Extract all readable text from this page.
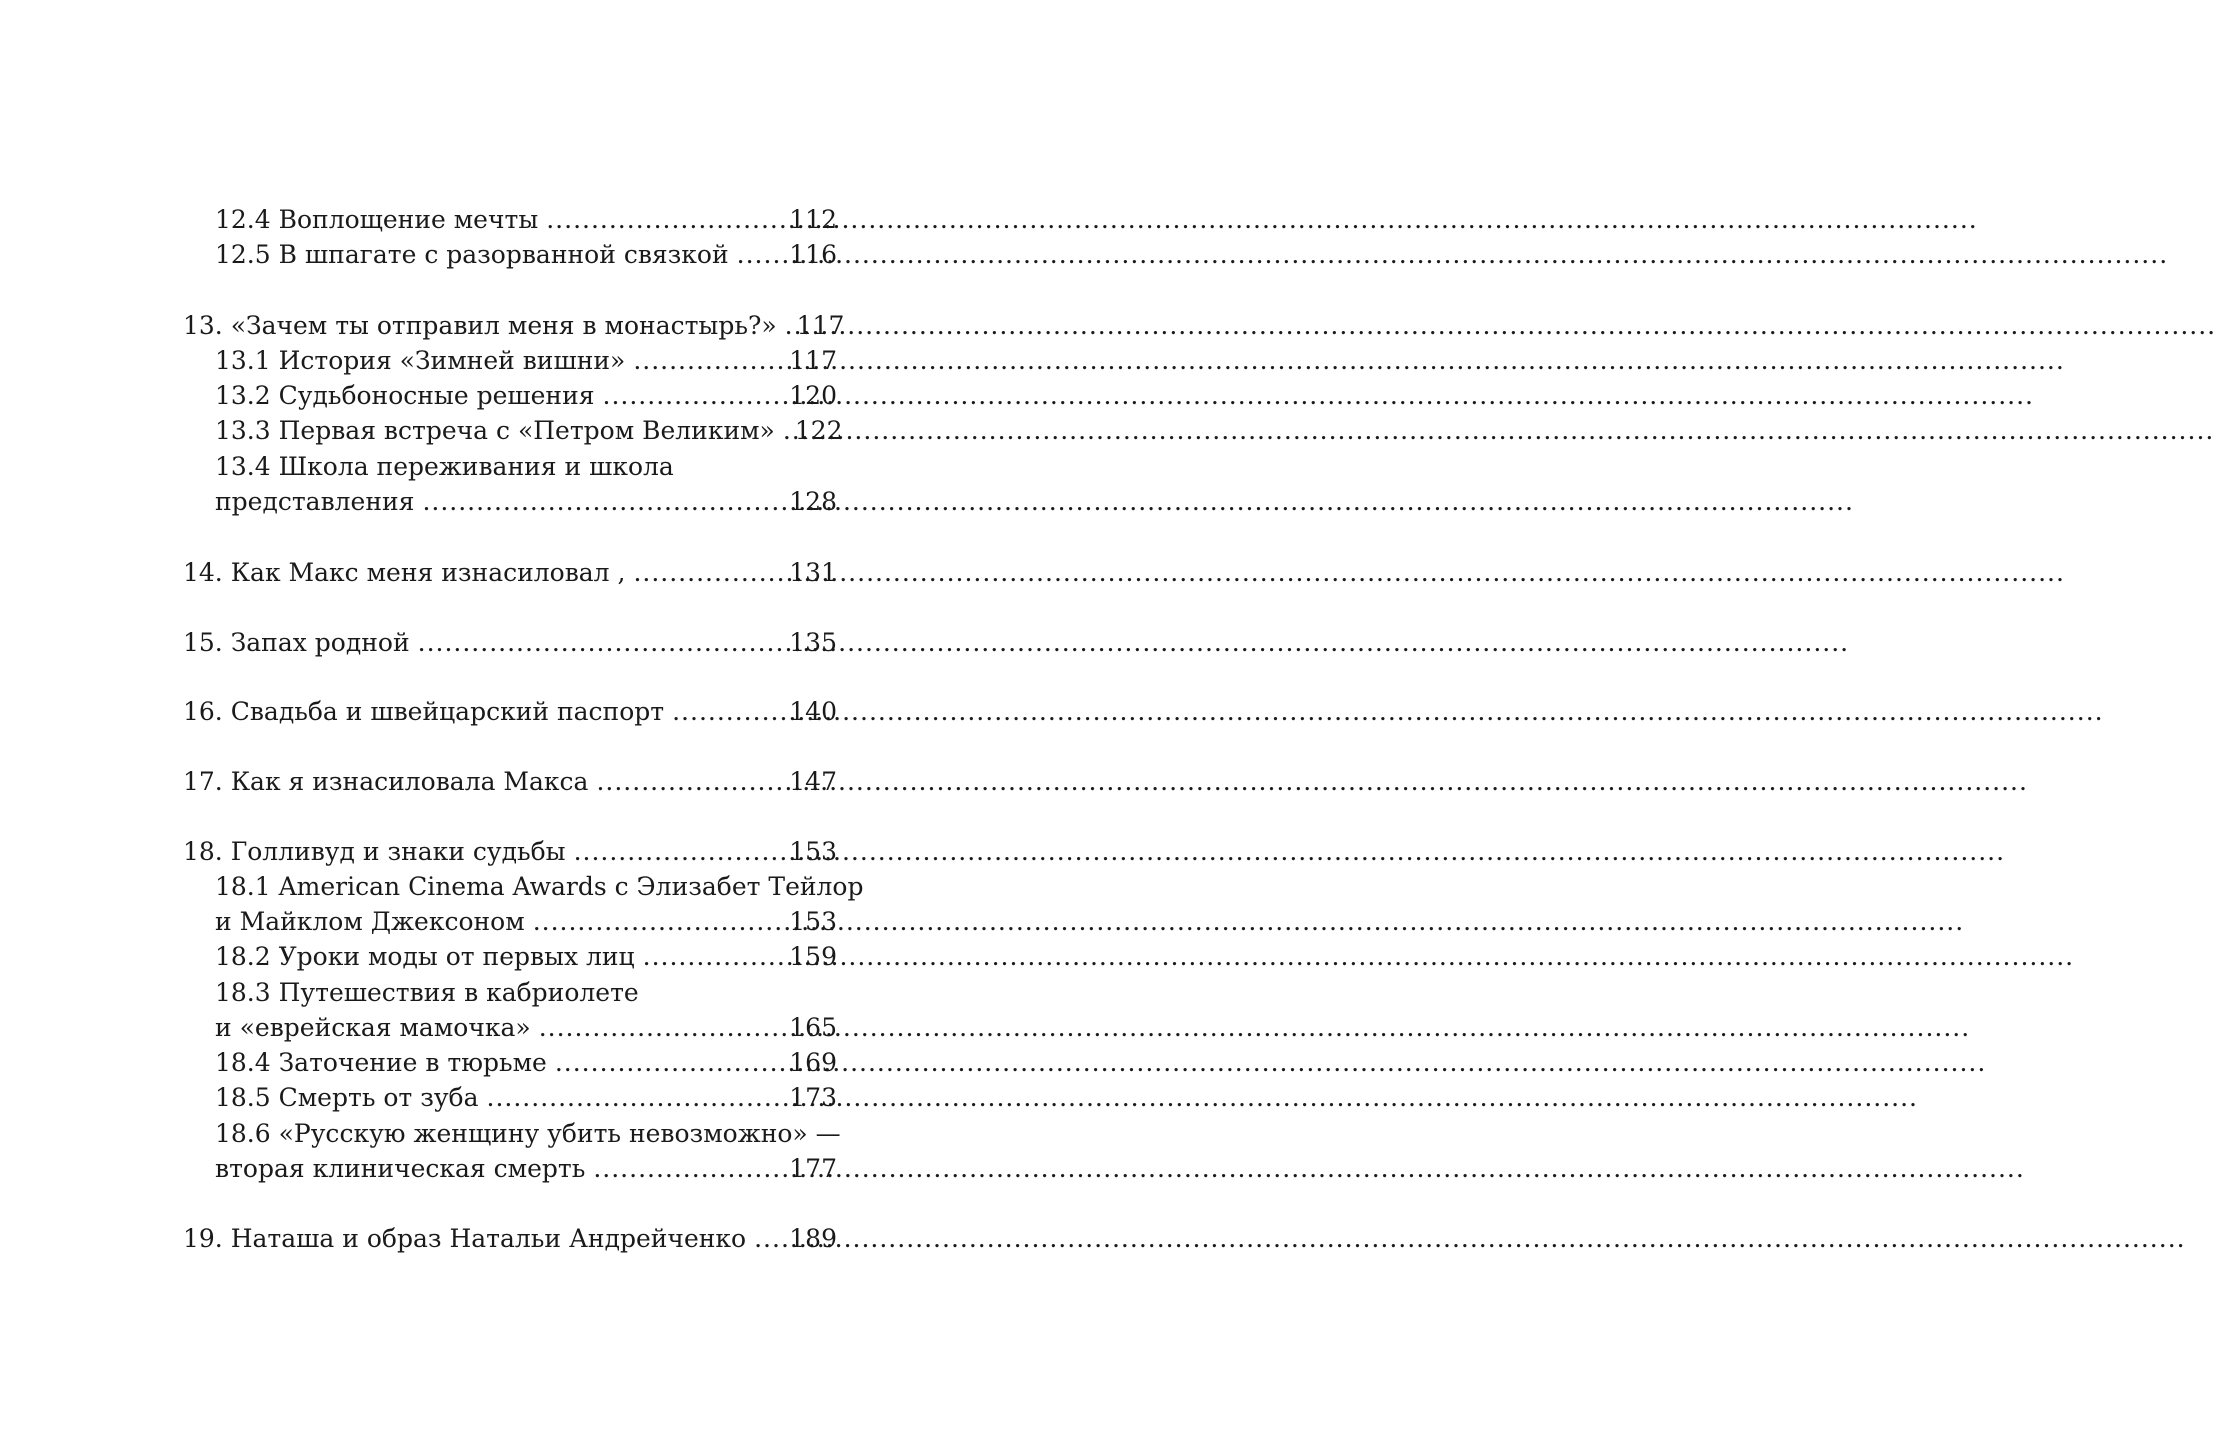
12.4 Воплощение мечты .....	112
12.5 В шпагате с разорванной связкой ..... 116
13. «Зачем ты отправил меня в монастырь?» ..... 117
13.1 История «Зимней вишни» .....	117
13.2 Судьбоносные решения .....	120
13.3 Первая встреча с «Петром Великим» ..... 122
13.4 Школа переживания и школа
представления .....	128
14. Как Макс меня изнасиловал , .....	131
15. Запах родной .....	135
16. Свадьба и швейцарский паспорт .....	140
17. Как я изнасиловала Макса .....	147
18. Голливуд и знаки судьбы .....	153
18.1 American Cinema Awards с Элизабет Тейлор
и Майклом Джексоном .....	153
18.2 Уроки моды от первых лиц .....	159
18.3 Путешествия в кабриолете
и «еврейская мамочка» .....	165
18.4 Заточение в тюрьме .....	169
18.5 Смерть от зуба .....	173
18.6 «Русскую женщину убить невозможно» —
вторая клиническая смерть .....	177
19. Наташа и образ Натальи Андрейченко ..... 189
